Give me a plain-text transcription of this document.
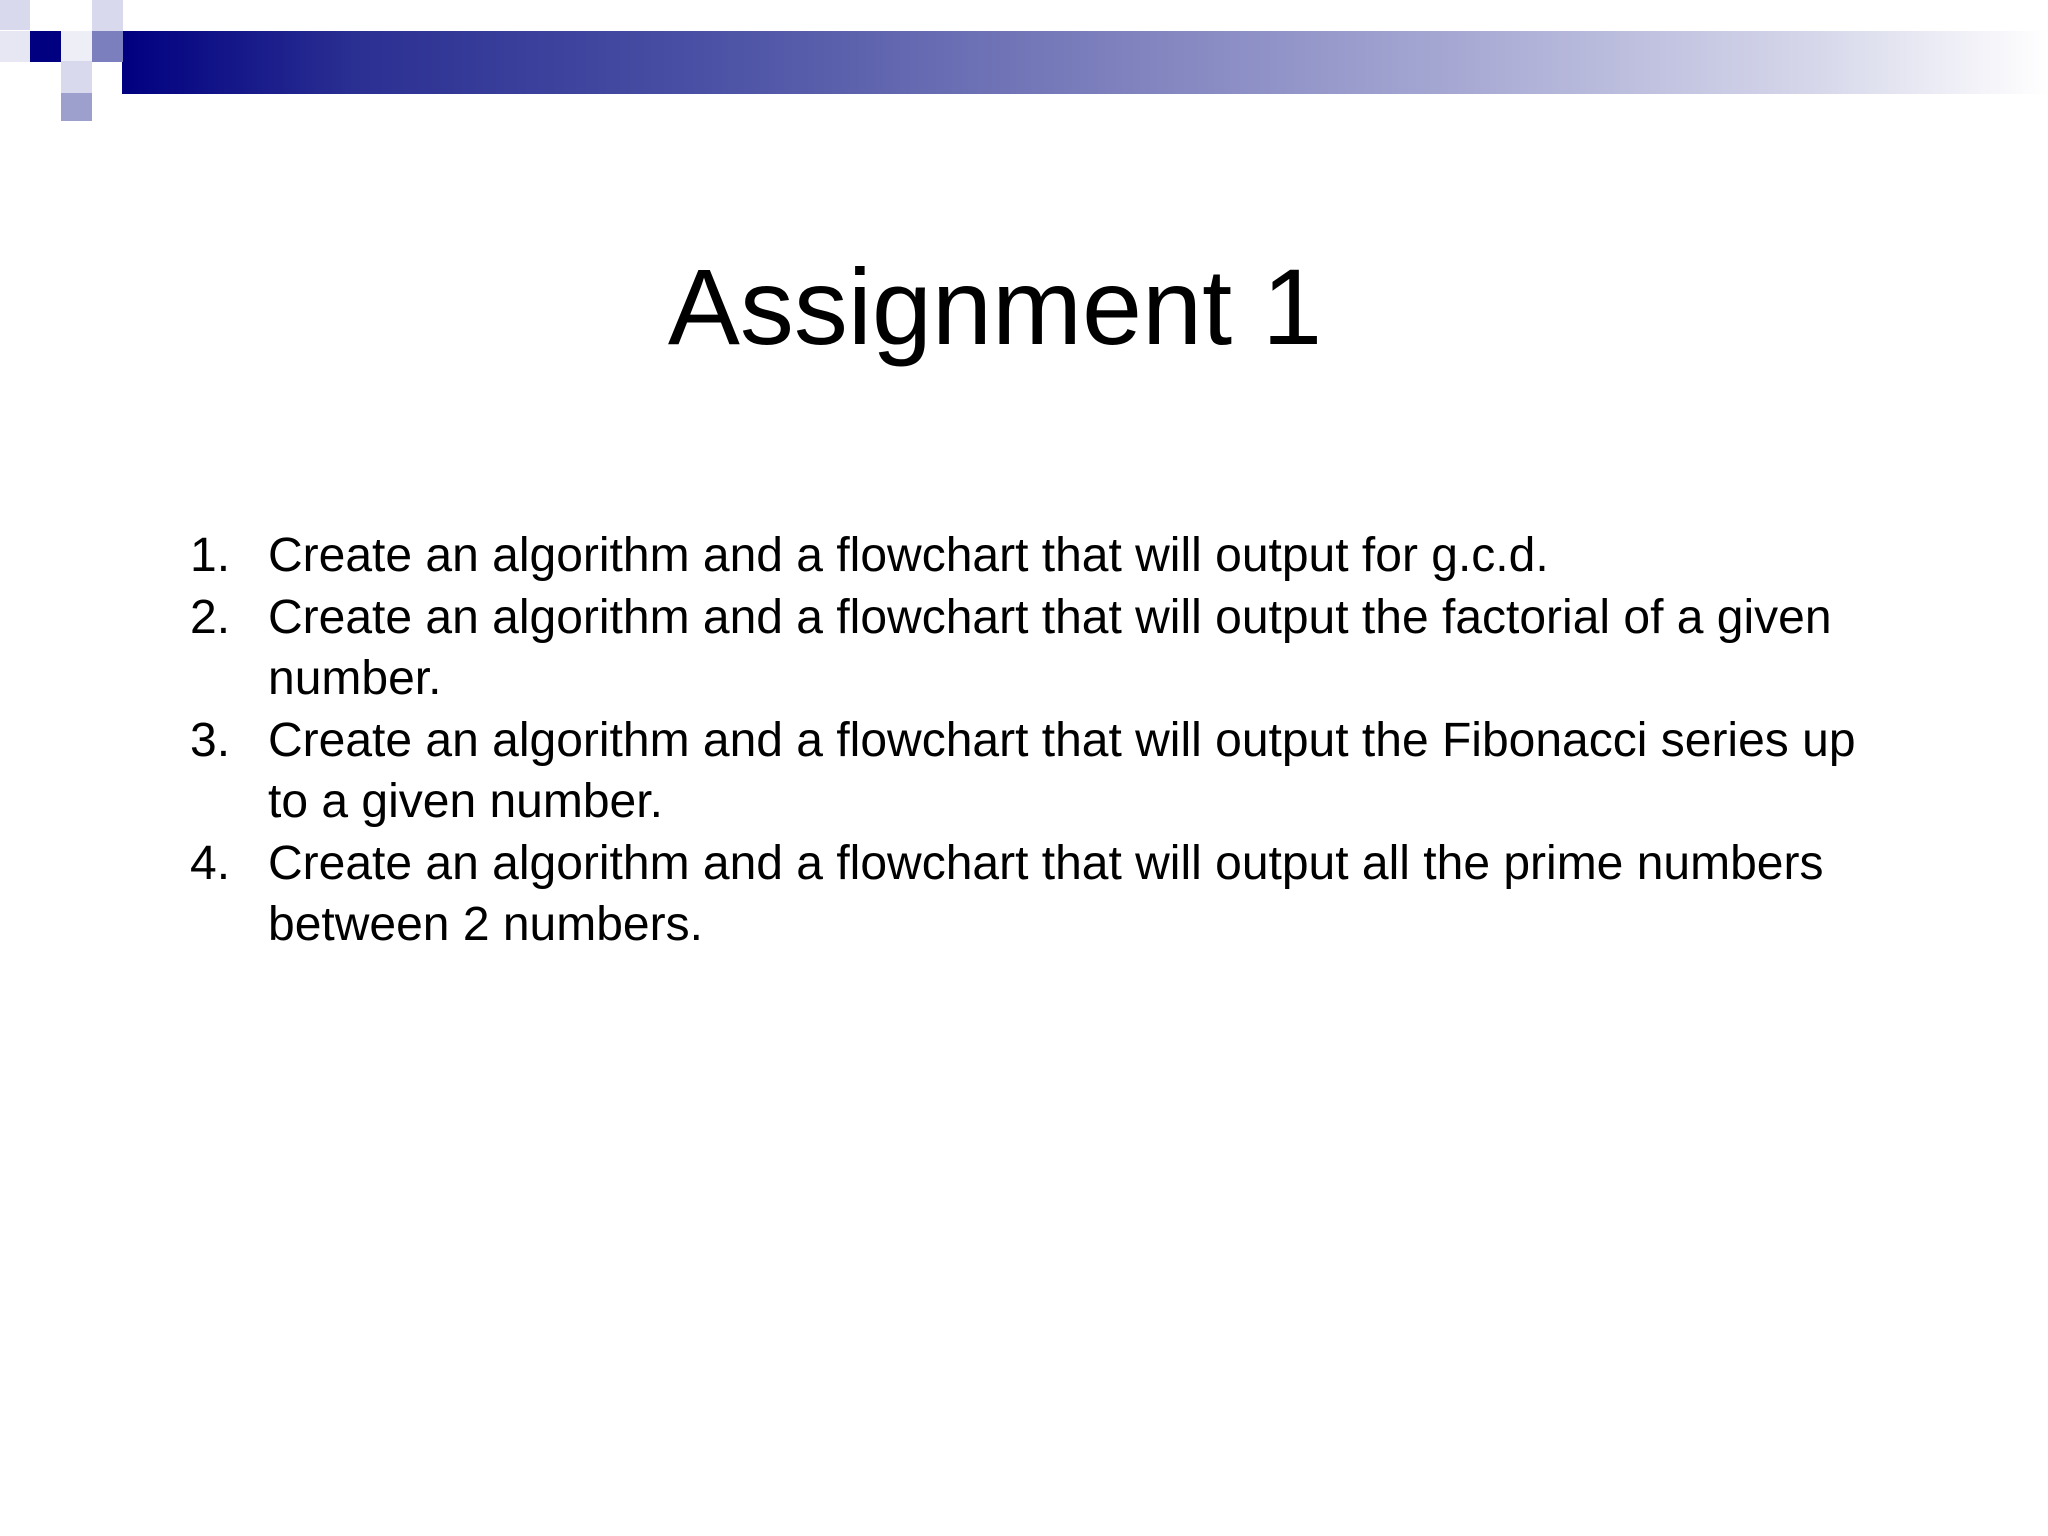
Assignment 1
1. Create an algorithm and a flowchart that will output for g.c.d.
2. Create an algorithm and a flowchart that will output the factorial of a given number.
3. Create an algorithm and a flowchart that will output the Fibonacci series up to a given number.
4. Create an algorithm and a flowchart that will output all the prime numbers between 2 numbers.
